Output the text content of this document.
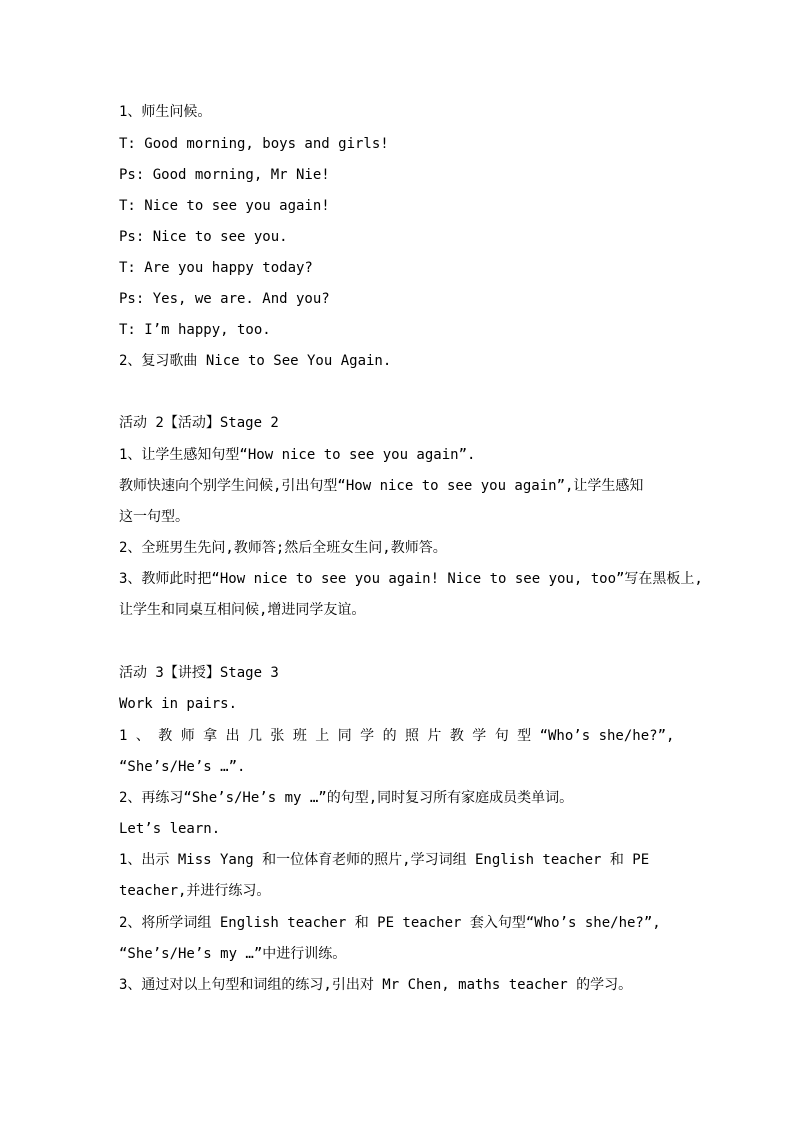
1、师生问候。
T: Good morning, boys and girls!
Ps: Good morning, Mr Nie!
T: Nice to see you again!
Ps: Nice to see you.
T: Are you happy today?
Ps: Yes, we are. And you?
T: I’m happy, too.
2、复习歌曲 Nice to See You Again.
活动 2【活动】Stage 2
1、让学生感知句型“How nice to see you again”.
教师快速向个别学生问候,引出句型“How nice to see you again”,让学生感知
这一句型。
2、全班男生先问,教师答;然后全班女生问,教师答。
3、教师此时把“How nice to see you again! Nice to see you, too”写在黑板上,
让学生和同桌互相问候,增进同学友谊。
活动 3【讲授】Stage 3
Work in pairs.
1 、 教 师 拿 出 几 张 班 上 同 学 的 照 片 教 学 句 型 “Who’s she/he?”,
“She’s/He’s …”.
2、再练习“She’s/He’s my …”的句型,同时复习所有家庭成员类单词。
Let’s learn.
1、出示 Miss Yang 和一位体育老师的照片,学习词组 English teacher 和 PE
teacher,并进行练习。
2、将所学词组 English teacher 和 PE teacher 套入句型“Who’s she/he?”,
“She’s/He’s my …”中进行训练。
3、通过对以上句型和词组的练习,引出对 Mr Chen, maths teacher 的学习。
